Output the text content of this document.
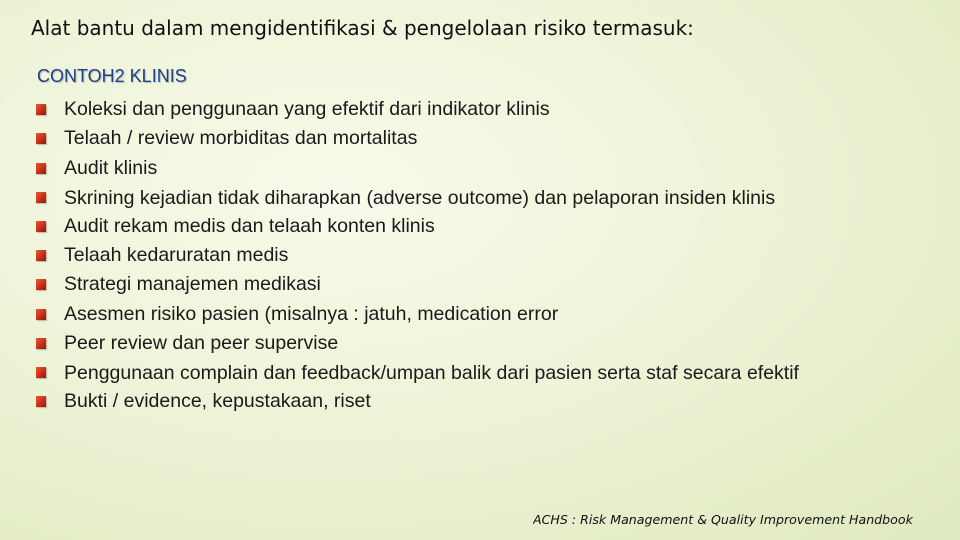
Alat bantu dalam mengidentifikasi & pengelolaan risiko termasuk:
CONTOH2 KLINIS
Koleksi dan penggunaan yang efektif dari indikator klinis
Telaah / review morbiditas dan mortalitas
Audit klinis
Skrining kejadian tidak diharapkan (adverse outcome) dan pelaporan insiden klinis
Audit rekam medis dan telaah konten klinis
Telaah kedaruratan medis
Strategi manajemen medikasi
Asesmen risiko pasien (misalnya : jatuh, medication error
Peer review dan peer supervise
Penggunaan complain dan feedback/umpan balik dari pasien serta staf secara efektif
Bukti / evidence, kepustakaan, riset
ACHS : Risk Management & Quality Improvement Handbook
